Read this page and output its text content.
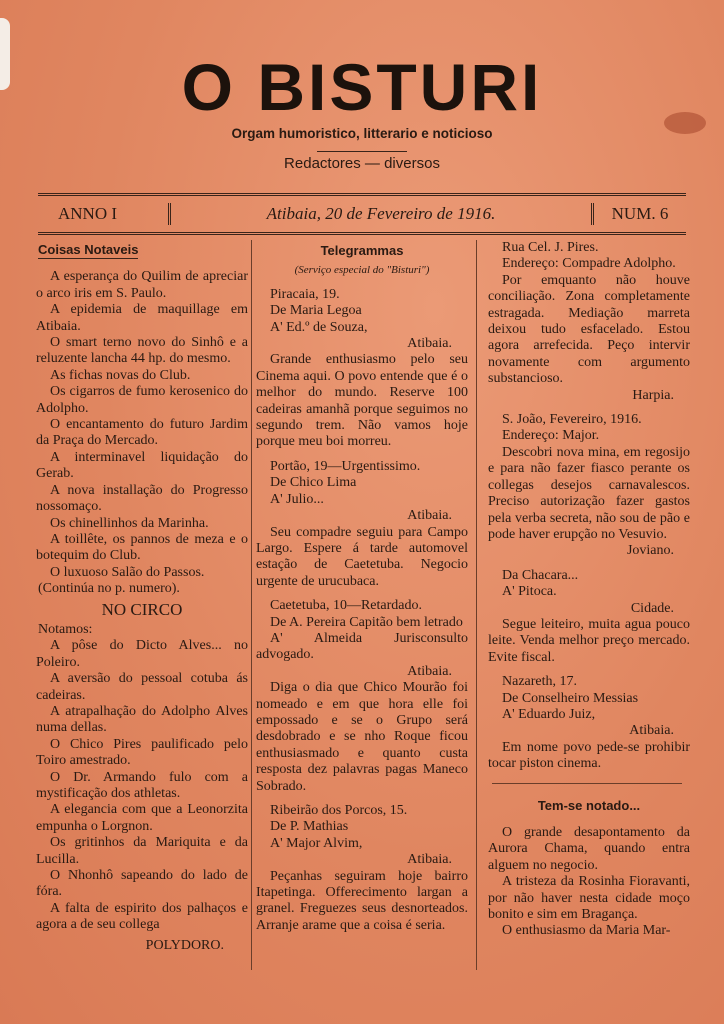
O BISTURI
Orgam humoristico, litterario e noticioso
Redactores — diversos
ANNO I	Atibaia, 20 de Fevereiro de 1916.	NUM. 6
Coisas Notaveis

A esperança do Quilim de apreciar o arco iris em S. Paulo.

A epidemia de maquillage em Atibaia.

O smart terno novo do Sinhô e a reluzente lancha 44 hp. do mesmo.

As fichas novas do Club.

Os cigarros de fumo kerosenico do Adolpho.

O encantamento do futuro Jardim da Praça do Mercado.

A interminavel liquidação do Gerab.

A nova installação do Progresso nossomaço.

Os chinellinhos da Marinha.

A toillête, os pannos de meza e o botequim do Club.

O luxuoso Salão do Passos.

(Continúa no p. numero).

NO CIRCO

Notamos:

A pôse do Dicto Alves... no Poleiro.

A aversão do pessoal cotuba ás cadeiras.

A atrapalhação do Adolpho Alves numa dellas.

O Chico Pires paulificado pelo Toiro amestrado.

O Dr. Armando fulo com a mystificação dos athletas.

A elegancia com que a Leonorzita empunha o Lorgnon.

Os gritinhos da Mariquita e da Lucilla.

O Nhonhô sapeando do lado de fóra.

A falta de espirito dos palhaços e agora a de seu collega

POLYDORO.

Telegrammas
(Serviço especial do "Bisturi")

Piracaia, 19.

De Maria Legoa

A' Ed.º de Souza,

Atibaia.

Grande enthusiasmo pelo seu Cinema aqui. O povo entende que é o melhor do mundo. Reserve 100 cadeiras amanhã porque seguimos no segundo trem. Não vamos hoje porque meu boi morreu.

Portão, 19—Urgentissimo.

De Chico Lima

A' Julio...

Atibaia.

Seu compadre seguiu para Campo Largo. Espere á tarde automovel estação de Caetetuba. Negocio urgente de urucubaca.

Caetetuba, 10—Retardado.

De A. Pereira Capitão bem letrado

A' Almeida Jurisconsulto advogado.

Atibaia.

Diga o dia que Chico Mourão foi nomeado e em que hora elle foi empossado e se o Grupo será desdobrado e se nho Roque ficou enthusiasmado e quanto custa resposta dez palavras pagas Maneco Sobrado.

Ribeirão dos Porcos, 15.

De P. Mathias

A' Major Alvim,

Atibaia.

Peçanhas seguiram hoje bairro Itapetinga. Offerecimento largan a granel. Freguezes seus desnorteados. Arranje arame que a coisa é seria.

Rua Cel. J. Pires.

Endereço: Compadre Adolpho.

Por emquanto não houve conciliação. Zona completamente estragada. Mediação marreta deixou tudo esfacelado. Estou agora arrefecida. Peço intervir novamente com argumento substancioso.

Harpia.

S. João, Fevereiro, 1916.

Endereço: Major.

Descobri nova mina, em regosijo e para não fazer fiasco perante os collegas desejos carnavalescos. Preciso autorização fazer gastos pela verba secreta, não sou de pão e pode haver erupção no Vesuvio.

Joviano.

Da Chacara...

A' Pitoca.

Cidade.

Segue leiteiro, muita agua pouco leite. Venda melhor preço mercado. Evite fiscal.

Nazareth, 17.

De Conselheiro Messias

A' Eduardo Juiz,

Atibaia.

Em nome povo pede-se prohibir tocar piston cinema.

Tem-se notado...

O grande desapontamento da Aurora Chama, quando entra alguem no negocio.

A tristeza da Rosinha Fioravanti, por não haver nesta cidade moço bonito e sim em Bragança.

O enthusiasmo da Maria Mar-
